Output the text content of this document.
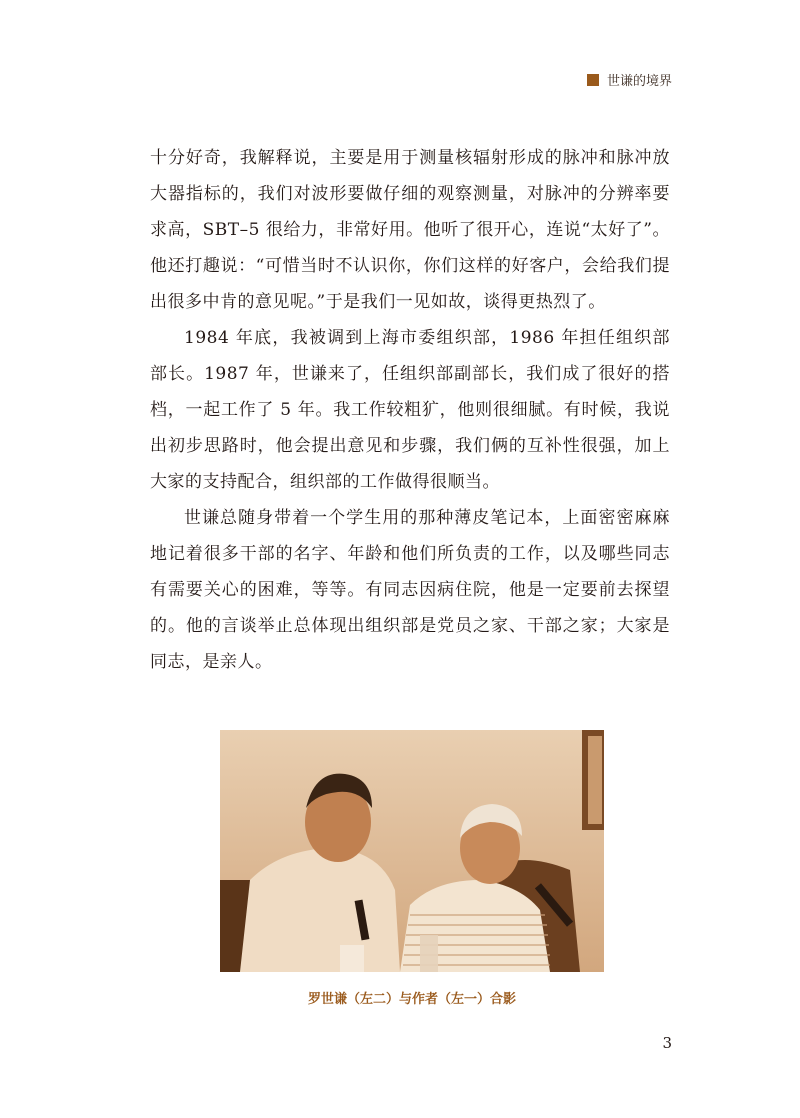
世谦的境界

十分好奇，我解释说，主要是用于测量核辐射形成的脉冲和脉冲放大器指标的，我们对波形要做仔细的观察测量，对脉冲的分辨率要求高，SBT–5 很给力，非常好用。他听了很开心，连说“太好了”。他还打趣说：“可惜当时不认识你，你们这样的好客户，会给我们提出很多中肯的意见呢。”于是我们一见如故，谈得更热烈了。

1984 年底，我被调到上海市委组织部，1986 年担任组织部部长。1987 年，世谦来了，任组织部副部长，我们成了很好的搭档，一起工作了 5 年。我工作较粗犷，他则很细腻。有时候，我说出初步思路时，他会提出意见和步骤，我们俩的互补性很强，加上大家的支持配合，组织部的工作做得很顺当。

世谦总随身带着一个学生用的那种薄皮笔记本，上面密密麻麻地记着很多干部的名字、年龄和他们所负责的工作，以及哪些同志有需要关心的困难，等等。有同志因病住院，他是一定要前去探望的。他的言谈举止总体现出组织部是党员之家、干部之家；大家是同志，是亲人。

罗世谦（左二）与作者（左一）合影
3
